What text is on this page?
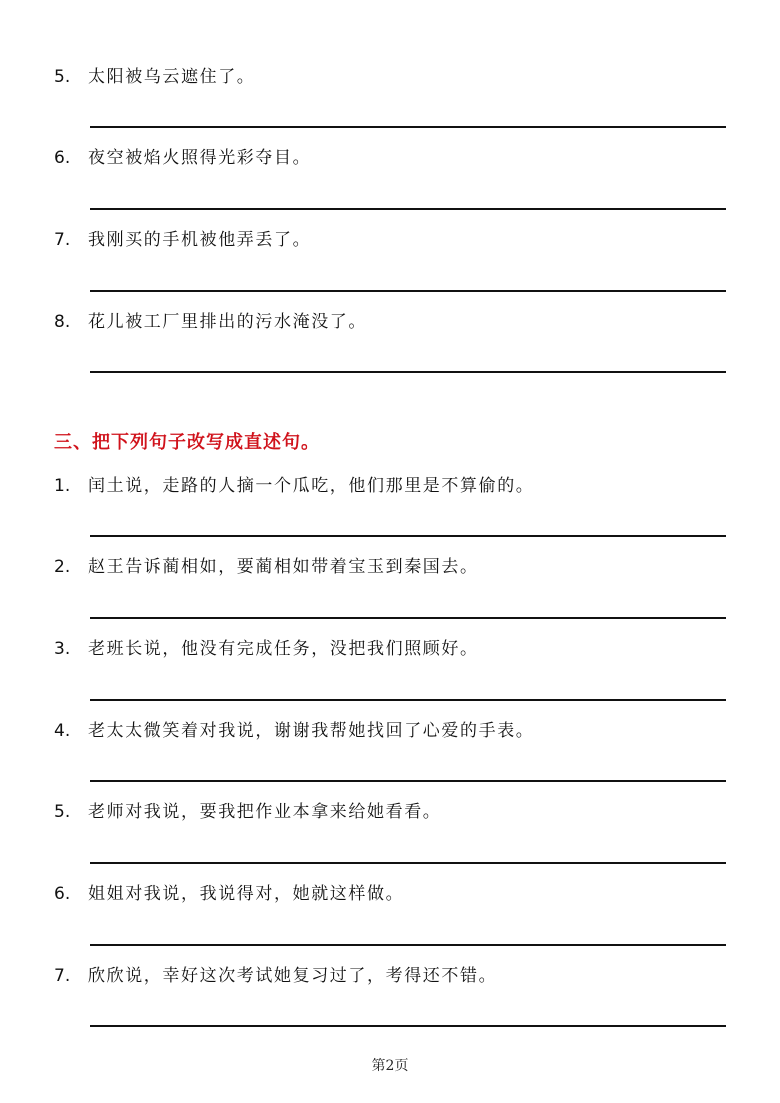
5. 太阳被乌云遮住了。
6. 夜空被焰火照得光彩夺目。
7. 我刚买的手机被他弄丢了。
8. 花儿被工厂里排出的污水淹没了。
三、把下列句子改写成直述句。
1. 闰土说，走路的人摘一个瓜吃，他们那里是不算偷的。
2. 赵王告诉蔺相如，要蔺相如带着宝玉到秦国去。
3. 老班长说，他没有完成任务，没把我们照顾好。
4. 老太太微笑着对我说，谢谢我帮她找回了心爱的手表。
5. 老师对我说，要我把作业本拿来给她看看。
6. 姐姐对我说，我说得对，她就这样做。
7. 欣欣说，幸好这次考试她复习过了，考得还不错。
第2页
